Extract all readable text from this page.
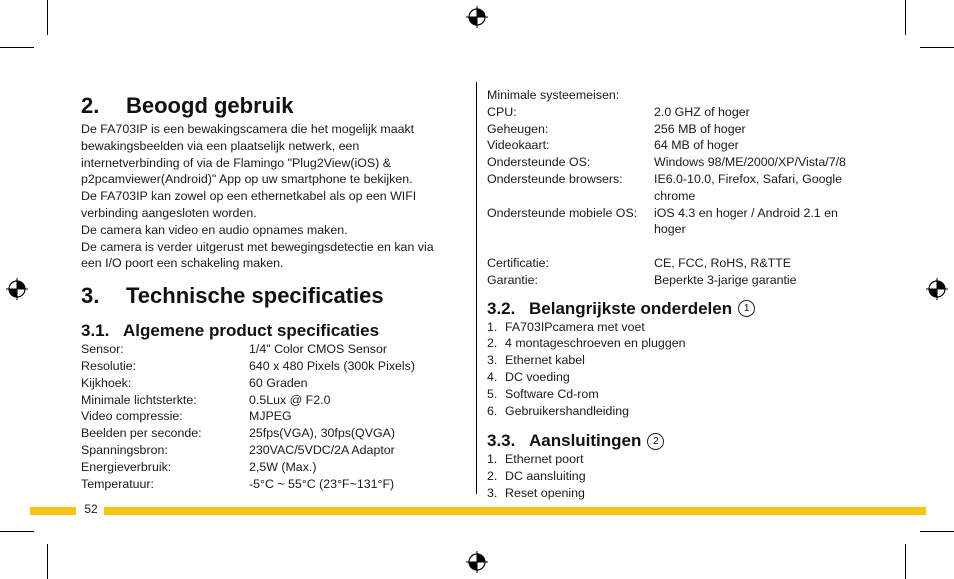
2.	Beoogd gebruik
De FA703IP is een bewakingscamera die het mogelijk maakt bewakingsbeelden via een plaatselijk netwerk, een internetverbinding of via de Flamingo "Plug2View(iOS) & p2pcamviewer(Android)" App op uw smartphone te bekijken.
De FA703IP kan zowel op een ethernetkabel als op een WIFI verbinding aangesloten worden.
De camera kan video en audio opnames maken.
De camera is verder uitgerust met bewegingsdetectie en kan via een I/O poort een schakeling maken.
3.	Technische specificaties
3.1. Algemene product specificaties
Sensor:	1/4" Color CMOS Sensor
Resolutie:	640 x 480 Pixels (300k Pixels)
Kijkhoek:	60 Graden
Minimale lichtsterkte:	0.5Lux @ F2.0
Video compressie:	MJPEG
Beelden per seconde:	25fps(VGA), 30fps(QVGA)
Spanningsbron:	230VAC/5VDC/2A Adaptor
Energieverbruik:	2,5W (Max.)
Temperatuur:	-5°C ~ 55°C (23°F~131°F)
Minimale systeemeisen:
CPU:	2.0 GHZ of hoger
Geheugen:	256 MB of hoger
Videokaart:	64 MB of hoger
Ondersteunde OS:	Windows 98/ME/2000/XP/Vista/7/8
Ondersteunde browsers:	IE6.0-10.0, Firefox, Safari, Google chrome
Ondersteunde mobiele OS:	iOS 4.3 en hoger / Android 2.1 en hoger
Certificatie:	CE, FCC, RoHS, R&TTE
Garantie:	Beperkte 3-jarige garantie
3.2. Belangrijkste onderdelen	1
1. FA703IPcamera met voet
2. 4 montageschroeven en pluggen
3. Ethernet kabel
4. DC voeding
5. Software Cd-rom
6. Gebruikershandleiding
3.3. Aansluitingen	2
1. Ethernet poort
2. DC aansluiting
3. Reset opening
52
